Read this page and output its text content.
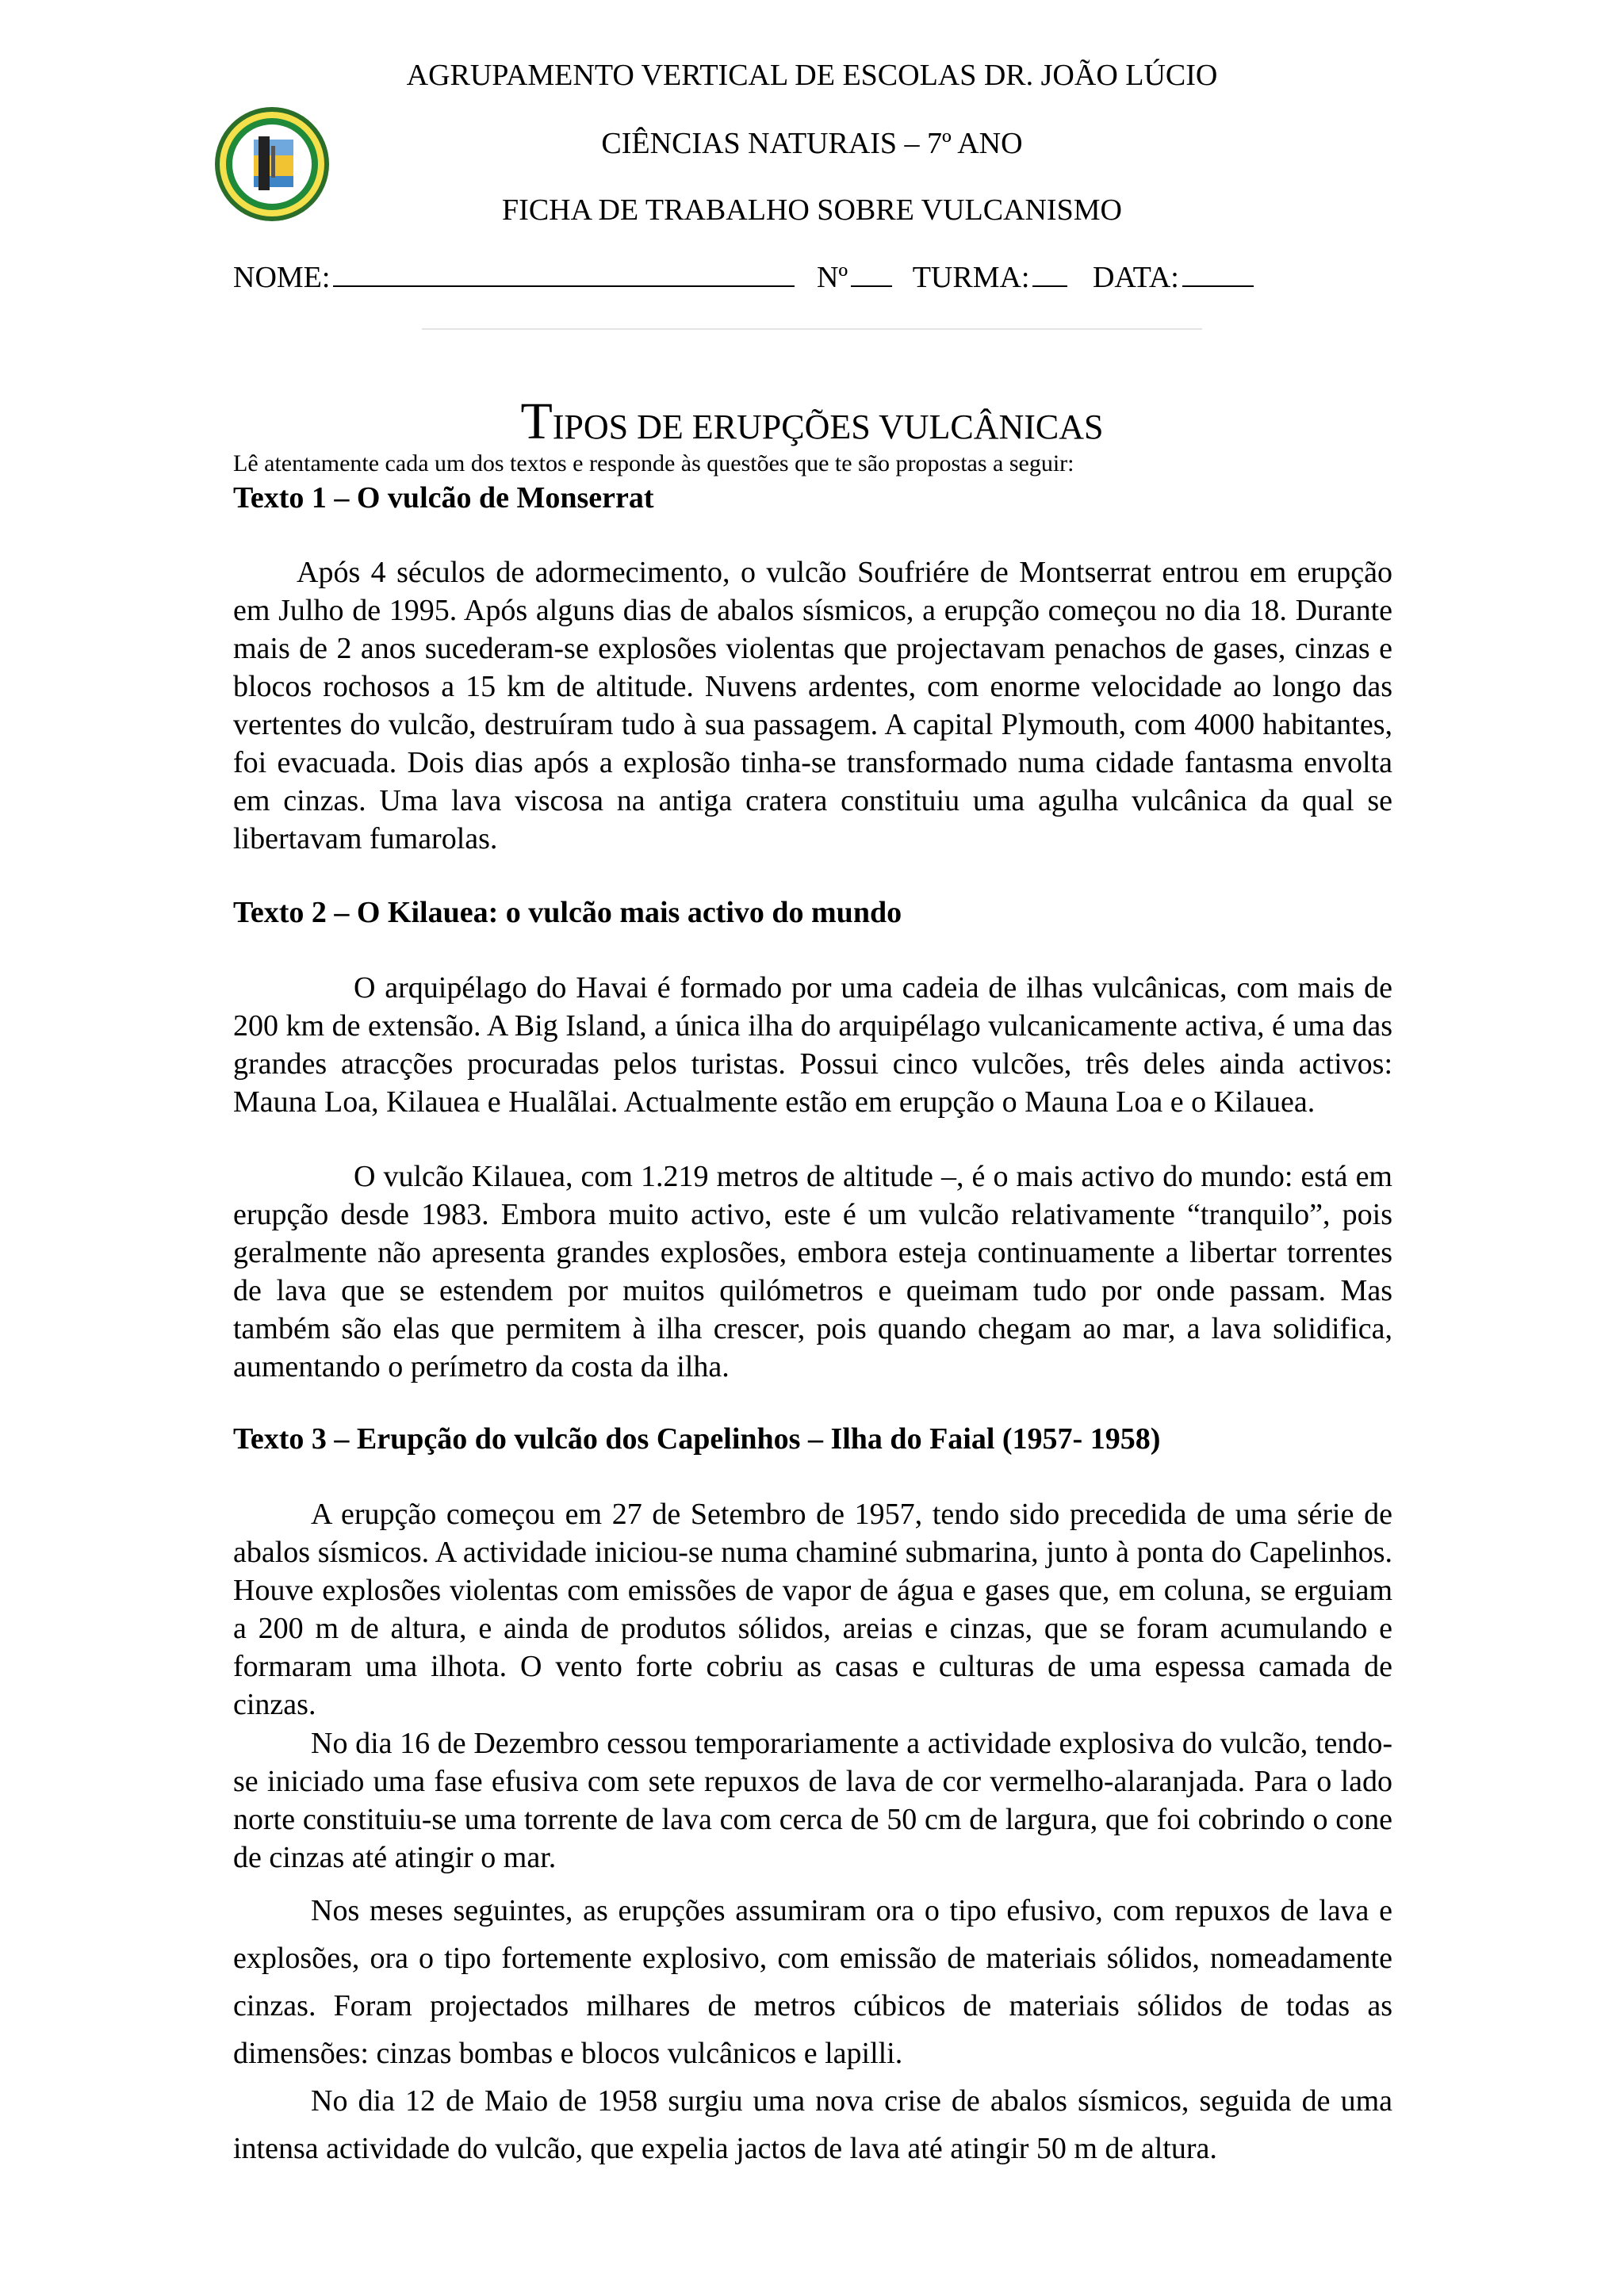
AGRUPAMENTO VERTICAL DE ESCOLAS DR. JOÃO LÚCIO
CIÊNCIAS NATURAIS – 7º ANO
FICHA DE TRABALHO SOBRE VULCANISMO
NOME:	Nº TURMA: DATA:
TIPOS DE ERUPÇÕES VULCÂNICAS
Lê atentamente cada um dos textos e responde às questões que te são propostas a seguir:
Texto 1 – O vulcão de Monserrat

Após 4 séculos de adormecimento, o vulcão Soufriére de Montserrat entrou em erupção em Julho de 1995. Após alguns dias de abalos sísmicos, a erupção começou no dia 18. Durante mais de 2 anos sucederam-se explosões violentas que projectavam penachos de gases, cinzas e blocos rochosos a 15 km de altitude. Nuvens ardentes, com enorme velocidade ao longo das vertentes do vulcão, destruíram tudo à sua passagem. A capital Plymouth, com 4000 habitantes, foi evacuada. Dois dias após a explosão tinha-se transformado numa cidade fantasma envolta em cinzas. Uma lava viscosa na antiga cratera constituiu uma agulha vulcânica da qual se libertavam fumarolas.

Texto 2 – O Kilauea: o vulcão mais activo do mundo

O arquipélago do Havai é formado por uma cadeia de ilhas vulcânicas, com mais de 200 km de extensão. A Big Island, a única ilha do arquipélago vulcanicamente activa, é uma das grandes atracções procuradas pelos turistas. Possui cinco vulcões, três deles ainda activos: Mauna Loa, Kilauea e Hualãlai. Actualmente estão em erupção o Mauna Loa e o Kilauea.

O vulcão Kilauea, com 1.219 metros de altitude –, é o mais activo do mundo: está em erupção desde 1983. Embora muito activo, este é um vulcão relativamente “tranquilo”, pois geralmente não apresenta grandes explosões, embora esteja continuamente a libertar torrentes de lava que se estendem por muitos quilómetros e queimam tudo por onde passam. Mas também são elas que permitem à ilha crescer, pois quando chegam ao mar, a lava solidifica, aumentando o perímetro da costa da ilha.

Texto 3 – Erupção do vulcão dos Capelinhos – Ilha do Faial (1957- 1958)

A erupção começou em 27 de Setembro de 1957, tendo sido precedida de uma série de abalos sísmicos. A actividade iniciou-se numa chaminé submarina, junto à ponta do Capelinhos. Houve explosões violentas com emissões de vapor de água e gases que, em coluna, se erguiam a 200 m de altura, e ainda de produtos sólidos, areias e cinzas, que se foram acumulando e formaram uma ilhota. O vento forte cobriu as casas e culturas de uma espessa camada de cinzas.

No dia 16 de Dezembro cessou temporariamente a actividade explosiva do vulcão, tendo-se iniciado uma fase efusiva com sete repuxos de lava de cor vermelho-alaranjada. Para o lado norte constituiu-se uma torrente de lava com cerca de 50 cm de largura, que foi cobrindo o cone de cinzas até atingir o mar.

Nos meses seguintes, as erupções assumiram ora o tipo efusivo, com repuxos de lava e explosões, ora o tipo fortemente explosivo, com emissão de materiais sólidos, nomeadamente cinzas. Foram projectados milhares de metros cúbicos de materiais sólidos de todas as dimensões: cinzas bombas e blocos vulcânicos e lapilli.

No dia 12 de Maio de 1958 surgiu uma nova crise de abalos sísmicos, seguida de uma intensa actividade do vulcão, que expelia jactos de lava até atingir 50 m de altura.
